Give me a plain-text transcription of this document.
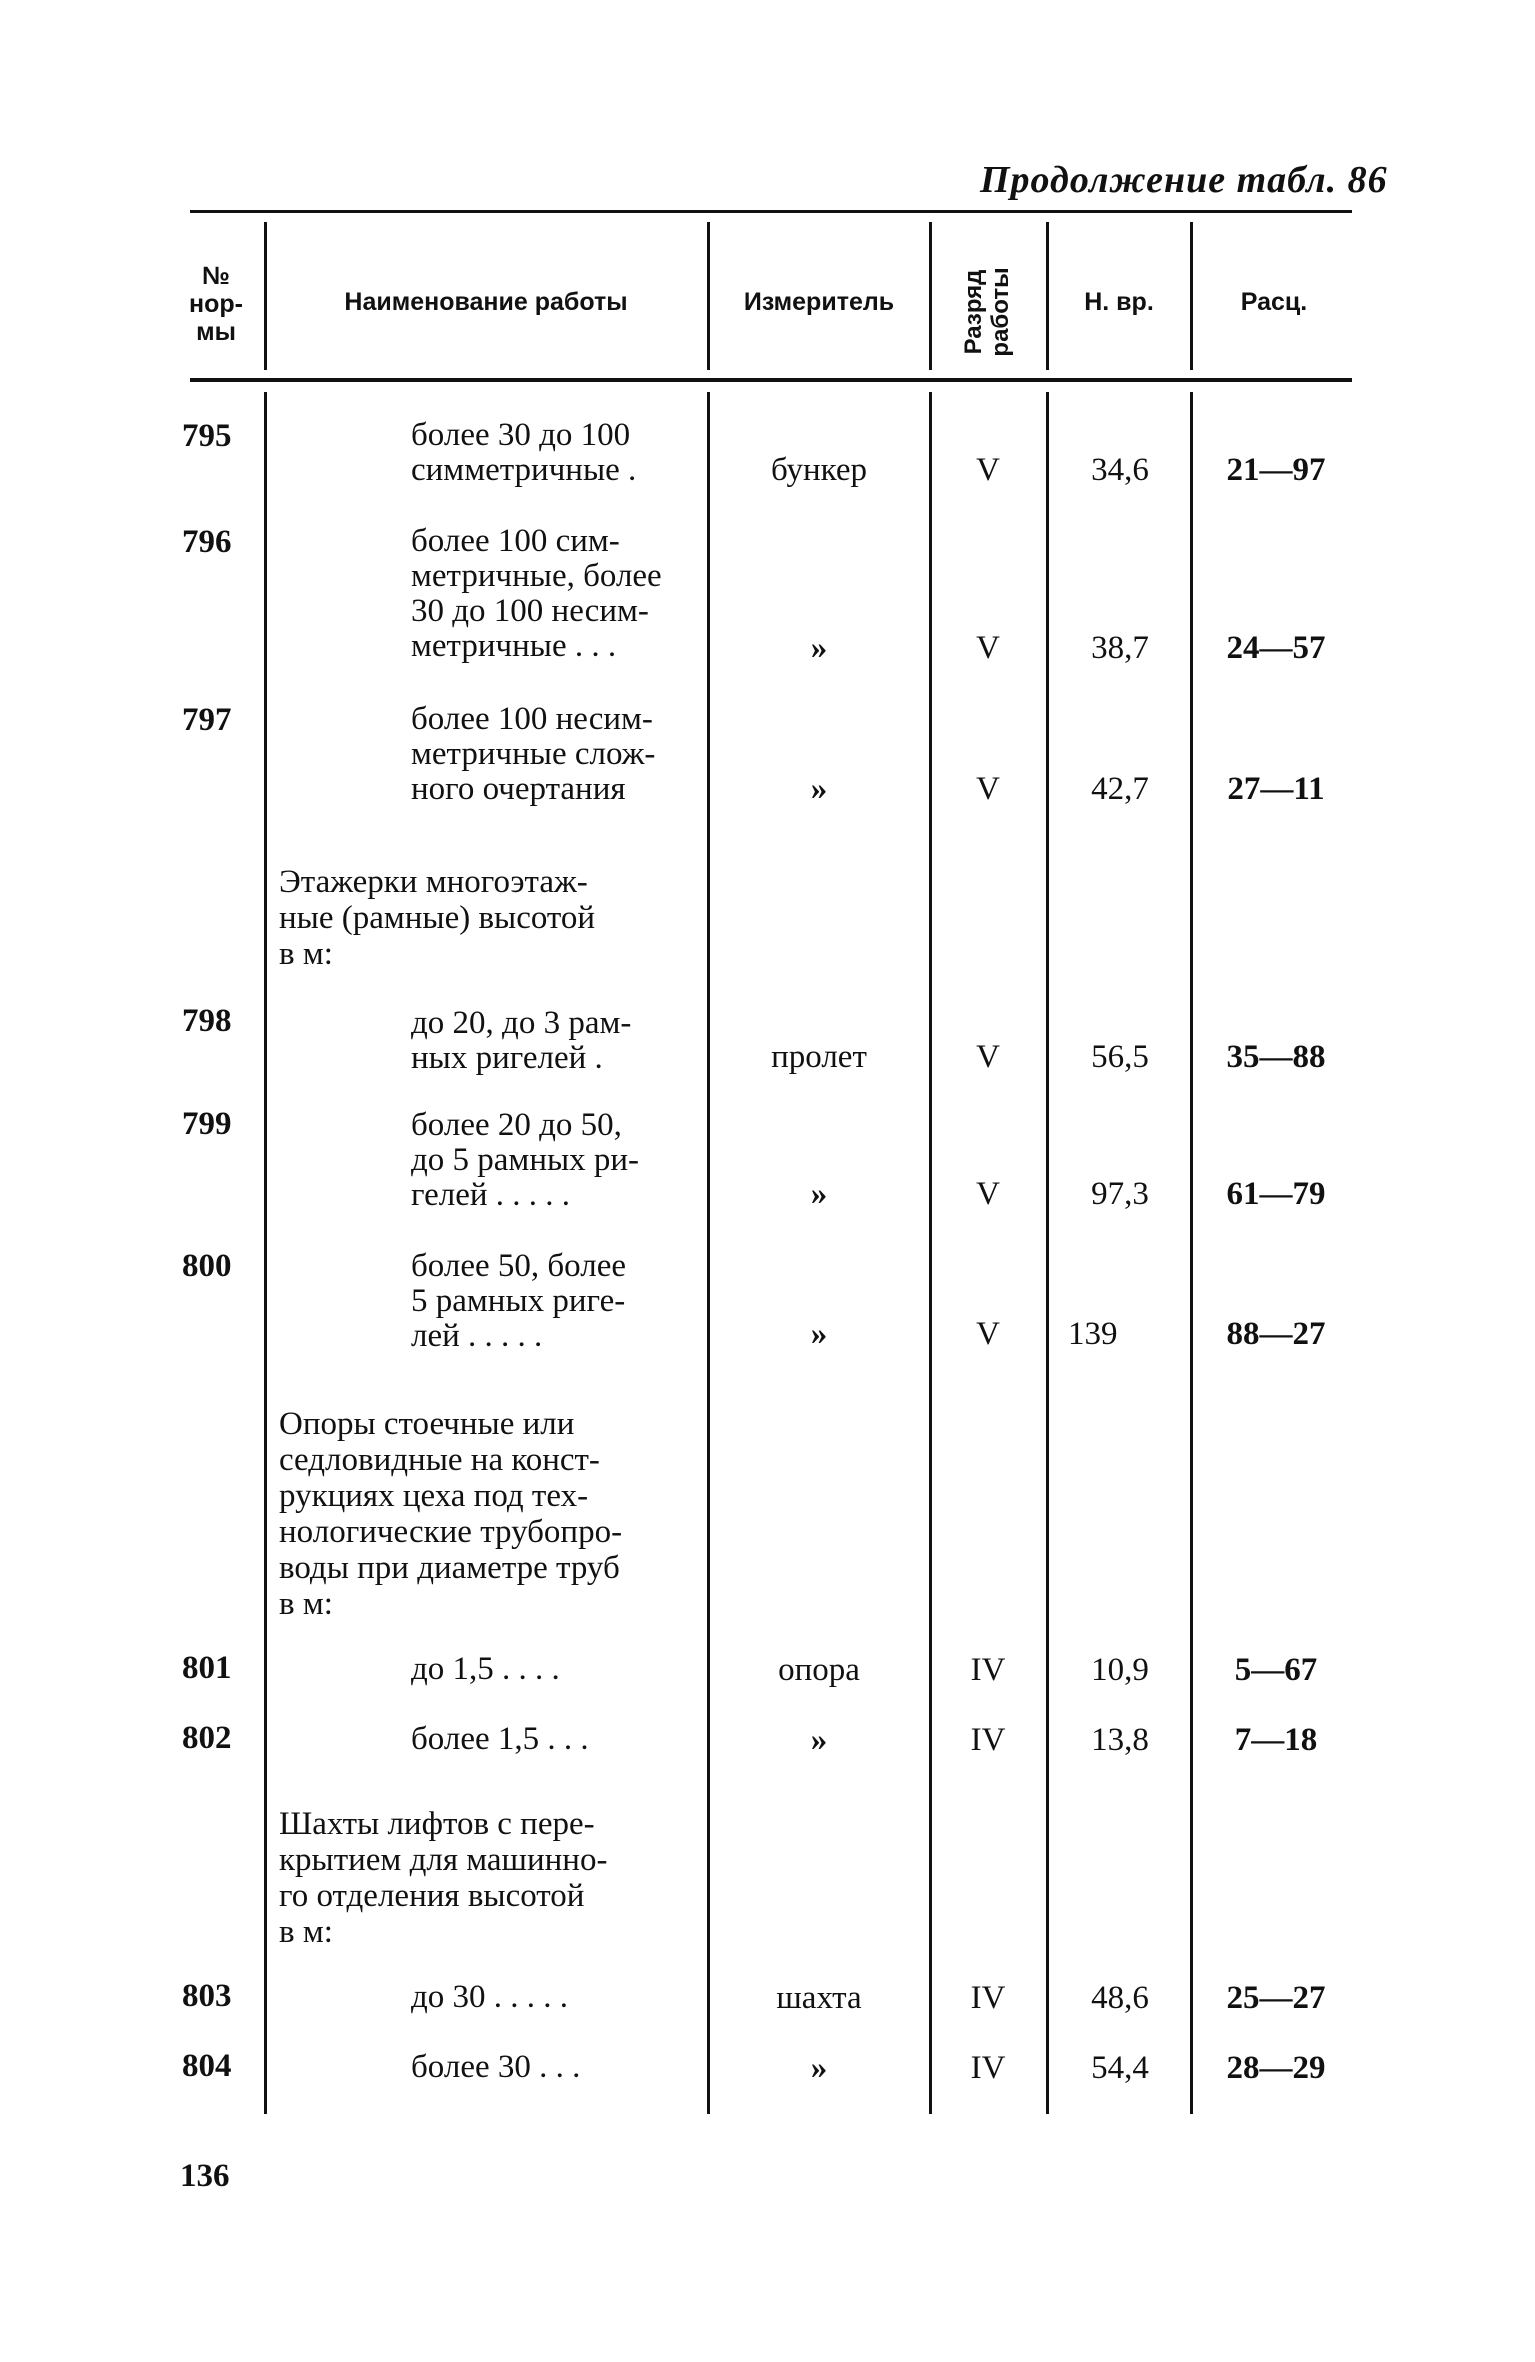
Продолжение табл. 86
№
нор-
мы
Наименование работы	Измеритель	Разряд работы	Н. вр.	Расц.
795	более 30 до 100
симметричные .	бункер	V	34,6	21—97
796	более 100 сим-
метричные, более
30 до 100 несим-
метричные . . .	»	V	38,7	24—57
797	более 100 несим-
метричные слож-
ного очертания	»	V	42,7	27—11
Этажерки многоэтаж-
ные (рамные) высотой
в м:
798	до 20, до 3 рам-
ных ригелей .	пролет	V	56,5	35—88
799	более 20 до 50,
до 5 рамных ри-
гелей . . . . .	»	V	97,3	61—79
800	более 50, более
5 рамных риге-
лей . . . . .	»	V	139	88—27
Опоры стоечные или
седловидные на конст-
рукциях цеха под тех-
нологические трубопро-
воды при диаметре труб
в м:
801	до 1,5 . . . .	опора	IV	10,9	5—67
802	более 1,5 . . .	»	IV	13,8	7—18
Шахты лифтов с пере-
крытием для машинно-
го отделения высотой
в м:
803	до 30 . . . . .	шахта	IV	48,6	25—27
804	более 30 . . .	»	IV	54,4	28—29
136
